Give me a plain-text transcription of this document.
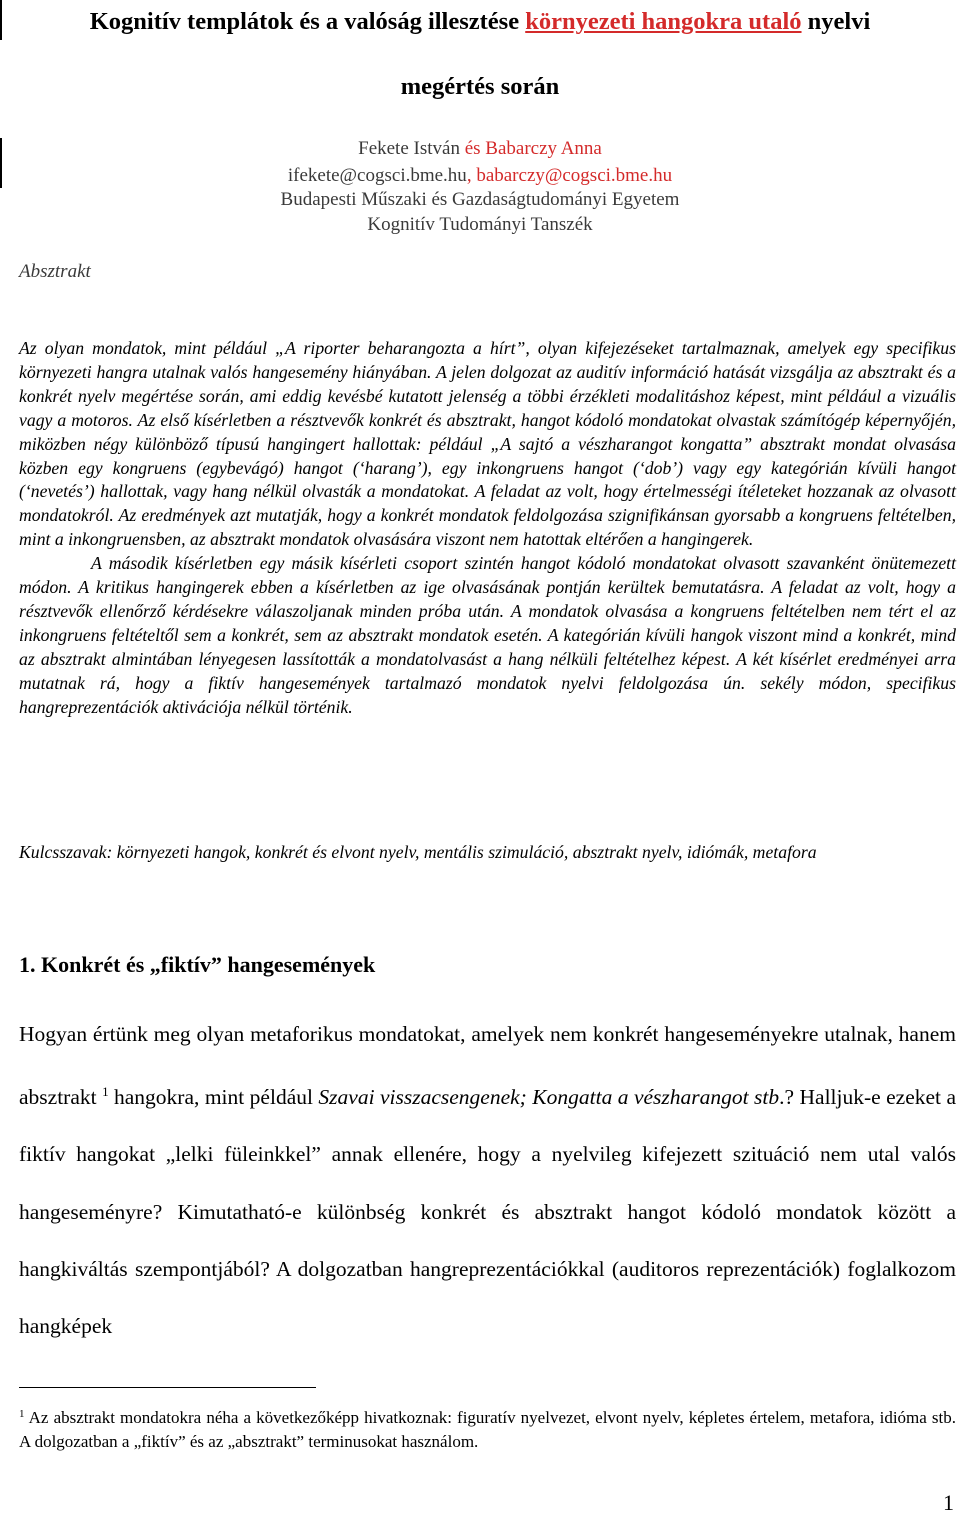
Kognitív templátok és a valóság illesztése környezeti hangokra utaló nyelvi
megértés során
Fekete István és Babarczy Anna
ifekete@cogsci.bme.hu, babarczy@cogsci.bme.hu
Budapesti Műszaki és Gazdaságtudományi Egyetem
Kognitív Tudományi Tanszék
Absztrakt

Az olyan mondatok, mint például „A riporter beharangozta a hírt”, olyan kifejezéseket tartalmaznak, amelyek egy specifikus környezeti hangra utalnak valós hangesemény hiányában. A jelen dolgozat az auditív információ hatását vizsgálja az absztrakt és a konkrét nyelv megértése során, ami eddig kevésbé kutatott jelenség a többi érzékleti modalitáshoz képest, mint például a vizuális vagy a motoros. Az első kísérletben a résztvevők konkrét és absztrakt, hangot kódoló mondatokat olvastak számítógép képernyőjén, miközben négy különböző típusú hangingert hallottak: például „A sajtó a vészharangot kongatta” absztrakt mondat olvasása közben egy kongruens (egybevágó) hangot (‘harang’), egy inkongruens hangot (‘dob’) vagy egy kategórián kívüli hangot (‘nevetés’) hallottak, vagy hang nélkül olvasták a mondatokat. A feladat az volt, hogy értelmességi ítéleteket hozzanak az olvasott mondatokról. Az eredmények azt mutatják, hogy a konkrét mondatok feldolgozása szignifikánsan gyorsabb a kongruens feltételben, mint a inkongruensben, az absztrakt mondatok olvasására viszont nem hatottak eltérően a hangingerek.

A második kísérletben egy másik kísérleti csoport szintén hangot kódoló mondatokat olvasott szavanként önütemezett módon. A kritikus hangingerek ebben a kísérletben az ige olvasásának pontján kerültek bemutatásra. A feladat az volt, hogy a résztvevők ellenőrző kérdésekre válaszoljanak minden próba után. A mondatok olvasása a kongruens feltételben nem tért el az inkongruens feltételtől sem a konkrét, sem az absztrakt mondatok esetén. A kategórián kívüli hangok viszont mind a konkrét, mind az absztrakt almintában lényegesen lassították a mondatolvasást a hang nélküli feltételhez képest. A két kísérlet eredményei arra mutatnak rá, hogy a fiktív hangesemények tartalmazó mondatok nyelvi feldolgozása ún. sekély módon, specifikus hangreprezentációk aktivációja nélkül történik.

Kulcsszavak: környezeti hangok, konkrét és elvont nyelv, mentális szimuláció, absztrakt nyelv, idiómák, metafora
1. Konkrét és „fiktív” hangesemények

Hogyan értünk meg olyan metaforikus mondatokat, amelyek nem konkrét hangeseményekre utalnak, hanem absztrakt $^1$ hangokra, mint például Szavai visszacsengenek; Kongatta a vészharangot stb.? Halljuk-e ezeket a fiktív hangokat „lelki füleinkkel” annak ellenére, hogy a nyelvileg kifejezett szituáció nem utal valós hangeseményre? Kimutatható-e különbség konkrét és absztrakt hangot kódoló mondatok között a hangkiváltás szempontjából? A dolgozatban hangreprezentációkkal (auditoros reprezentációk) foglalkozom hangképek

$^1$ Az absztrakt mondatokra néha a következőképp hivatkoznak: figuratív nyelvezet, elvont nyelv, képletes értelem, metafora, idióma stb. A dolgozatban a „fiktív” és az „absztrakt” terminusokat használom.

1
